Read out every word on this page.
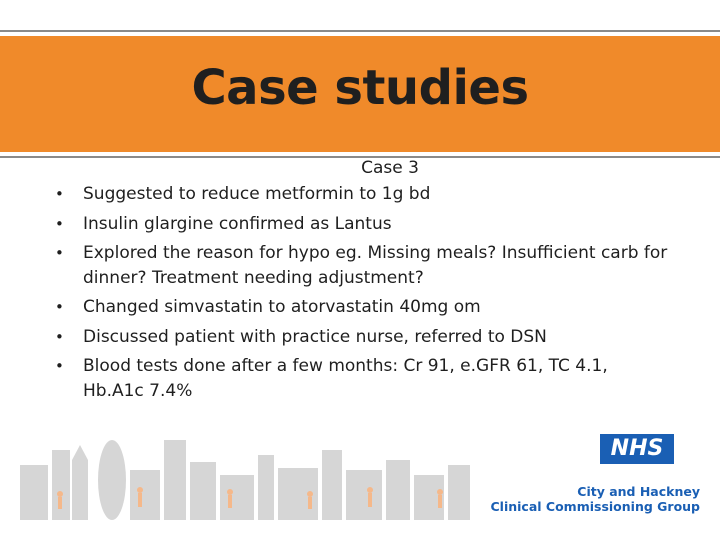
Case studies
Case 3
• Suggested to reduce metformin to 1g bd
• Insulin glargine confirmed as Lantus
• Explored the reason for hypo eg. Missing meals? Insufficient carb for dinner? Treatment needing adjustment?
• Changed simvastatin to atorvastatin 40mg om
• Discussed patient with practice nurse, referred to DSN
• Blood tests done after a few months: Cr 91, e.GFR 61, TC 4.1, Hb.A1c 7.4%
NHS
City and Hackney
Clinical Commissioning Group
